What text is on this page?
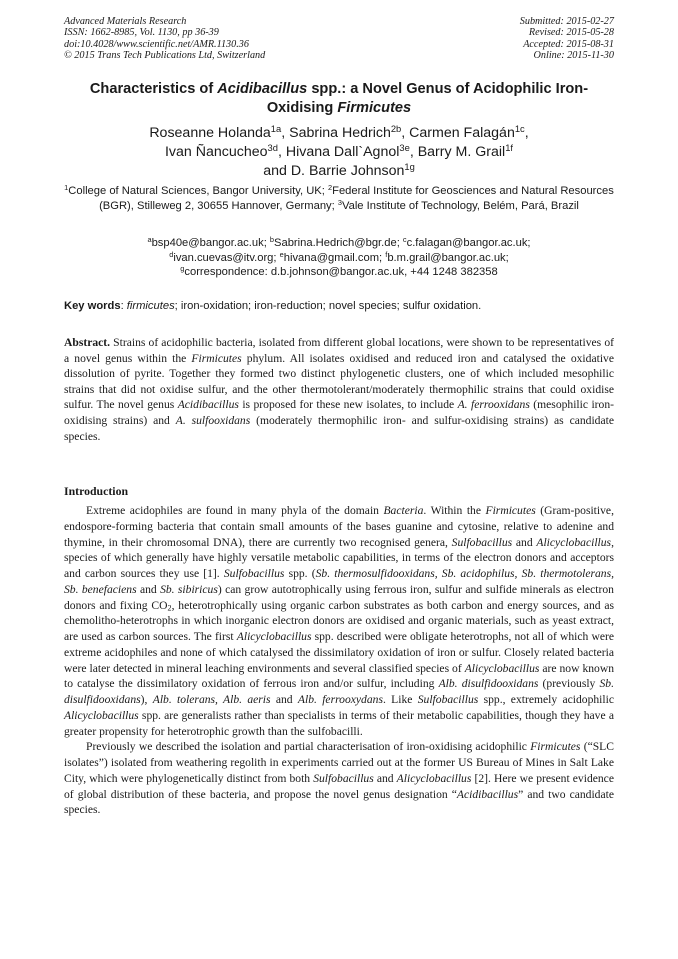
Advanced Materials Research
ISSN: 1662-8985, Vol. 1130, pp 36-39
doi:10.4028/www.scientific.net/AMR.1130.36
© 2015 Trans Tech Publications Ltd, Switzerland
Submitted: 2015-02-27
Revised: 2015-05-28
Accepted: 2015-08-31
Online: 2015-11-30
Characteristics of Acidibacillus spp.: a Novel Genus of Acidophilic Iron-Oxidising Firmicutes
Roseanne Holanda$^{1a}$, Sabrina Hedrich$^{2b}$, Carmen Falagán$^{1c}$,
Ivan Ñancucheo$^{3d}$, Hivana Dall`Agnol$^{3e}$, Barry M. Grail$^{1f}$
and D. Barrie Johnson$^{1g}$
$^1$College of Natural Sciences, Bangor University, UK; $^2$Federal Institute for Geosciences and Natural Resources (BGR), Stilleweg 2, 30655 Hannover, Germany; $^3$Vale Institute of Technology, Belém, Pará, Brazil
$^a$bsp40e@bangor.ac.uk; $^b$Sabrina.Hedrich@bgr.de; $^c$c.falagan@bangor.ac.uk;
$^d$ivan.cuevas@itv.org; $^e$hivana@gmail.com; $^f$b.m.grail@bangor.ac.uk;
$^g$correspondence: d.b.johnson@bangor.ac.uk, +44 1248 382358
Key words: firmicutes; iron-oxidation; iron-reduction; novel species; sulfur oxidation.
Abstract. Strains of acidophilic bacteria, isolated from different global locations, were shown to be representatives of a novel genus within the Firmicutes phylum. All isolates oxidised and reduced iron and catalysed the oxidative dissolution of pyrite. Together they formed two distinct phylogenetic clusters, one of which included mesophilic strains that did not oxidise sulfur, and the other thermotolerant/moderately thermophilic strains that could oxidise sulfur. The novel genus Acidibacillus is proposed for these new isolates, to include A. ferrooxidans (mesophilic iron-oxidising strains) and A. sulfooxidans (moderately thermophilic iron- and sulfur-oxidising strains) as candidate species.
Introduction

Extreme acidophiles are found in many phyla of the domain Bacteria. Within the Firmicutes (Gram-positive, endospore-forming bacteria that contain small amounts of the bases guanine and cytosine, relative to adenine and thymine, in their chromosomal DNA), there are currently two recognised genera, Sulfobacillus and Alicyclobacillus, species of which generally have highly versatile metabolic capabilities, in terms of the electron donors and acceptors and carbon sources they use [1]. Sulfobacillus spp. (Sb. thermosulfidooxidans, Sb. acidophilus, Sb. thermotolerans, Sb. benefaciens and Sb. sibiricus) can grow autotrophically using ferrous iron, sulfur and sulfide minerals as electron donors and fixing $CO_2$, heterotrophically using organic carbon substrates as both carbon and energy sources, and as chemolitho-heterotrophs in which inorganic electron donors are oxidised and organic materials, such as yeast extract, are used as carbon sources. The first Alicyclobacillus spp. described were obligate heterotrophs, not all of which were extreme acidophiles and none of which catalysed the dissimilatory oxidation of iron or sulfur. Closely related bacteria were later detected in mineral leaching environments and several classified species of Alicyclobacillus are now known to catalyse the dissimilatory oxidation of ferrous iron and/or sulfur, including Alb. disulfidooxidans (previously Sb. disulfidooxidans), Alb. tolerans, Alb. aeris and Alb. ferrooxydans. Like Sulfobacillus spp., extremely acidophilic Alicyclobacillus spp. are generalists rather than specialists in terms of their metabolic capabilities, though they have a greater propensity for heterotrophic growth than the sulfobacilli.

Previously we described the isolation and partial characterisation of iron-oxidising acidophilic Firmicutes (“SLC isolates”) isolated from weathering regolith in experiments carried out at the former US Bureau of Mines in Salt Lake City, which were phylogenetically distinct from both Sulfobacillus and Alicyclobacillus [2]. Here we present evidence of global distribution of these bacteria, and propose the novel genus designation “Acidibacillus” and two candidate species.
